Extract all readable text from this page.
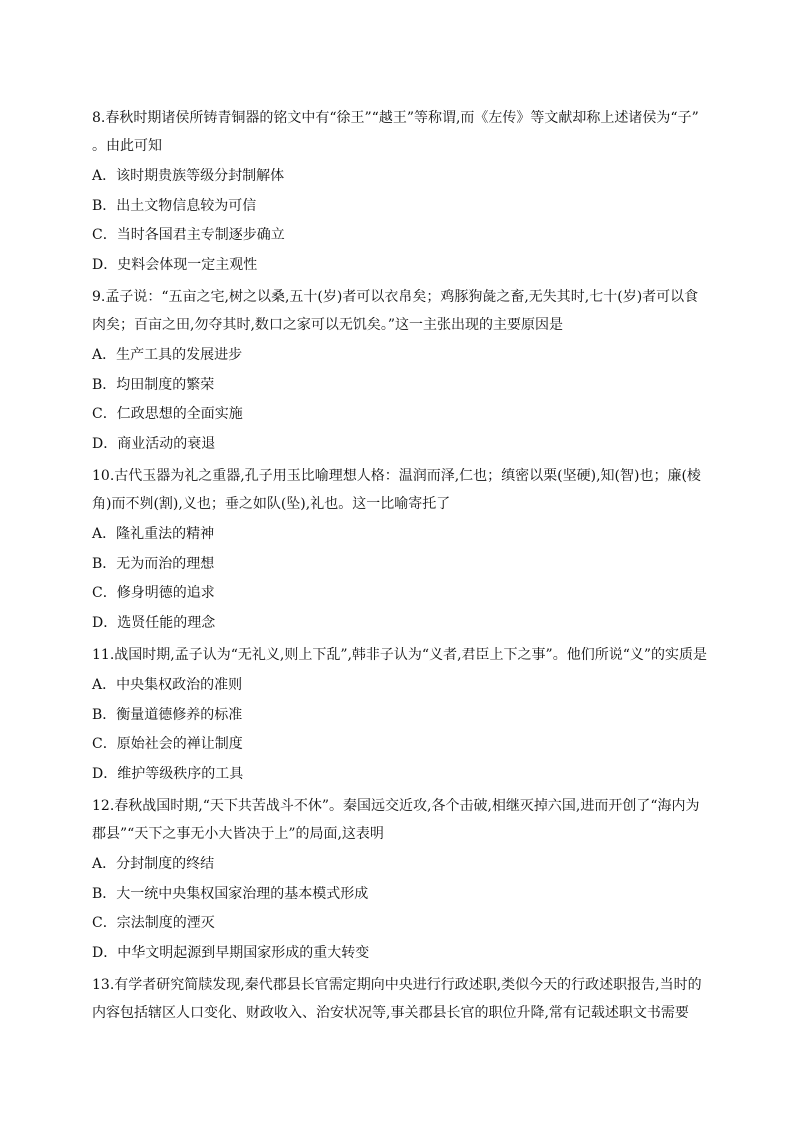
8.春秋时期诸侯所铸青铜器的铭文中有“徐王”“越王”等称谓,而《左传》等文献却称上述诸侯为“子”
。由此可知
A．该时期贵族等级分封制解体
B．出土文物信息较为可信
C．当时各国君主专制逐步确立
D．史料会体现一定主观性
9.孟子说：“五亩之宅,树之以桑,五十(岁)者可以衣帛矣；鸡豚狗彘之畜,无失其时,七十(岁)者可以食
肉矣；百亩之田,勿夺其时,数口之家可以无饥矣。”这一主张出现的主要原因是
A．生产工具的发展进步
B．均田制度的繁荣
C．仁政思想的全面实施
D．商业活动的衰退
10.古代玉器为礼之重器,孔子用玉比喻理想人格：温润而泽,仁也；缜密以栗(坚硬),知(智)也；廉(棱
角)而不刿(割),义也；垂之如队(坠),礼也。这一比喻寄托了
A．隆礼重法的精神
B．无为而治的理想
C．修身明德的追求
D．选贤任能的理念
11.战国时期,孟子认为“无礼义,则上下乱”,韩非子认为“义者,君臣上下之事”。他们所说“义”的实质是
A．中央集权政治的准则
B．衡量道德修养的标准
C．原始社会的禅让制度
D．维护等级秩序的工具
12.春秋战国时期,“天下共苦战斗不休”。秦国远交近攻,各个击破,相继灭掉六国,进而开创了“海内为
郡县”“天下之事无小大皆决于上”的局面,这表明
A．分封制度的终结
B．大一统中央集权国家治理的基本模式形成
C．宗法制度的湮灭
D．中华文明起源到早期国家形成的重大转变
13.有学者研究简牍发现,秦代郡县长官需定期向中央进行行政述职,类似今天的行政述职报告,当时的
内容包括辖区人口变化、财政收入、治安状况等,事关郡县长官的职位升降,常有记载述职文书需要
